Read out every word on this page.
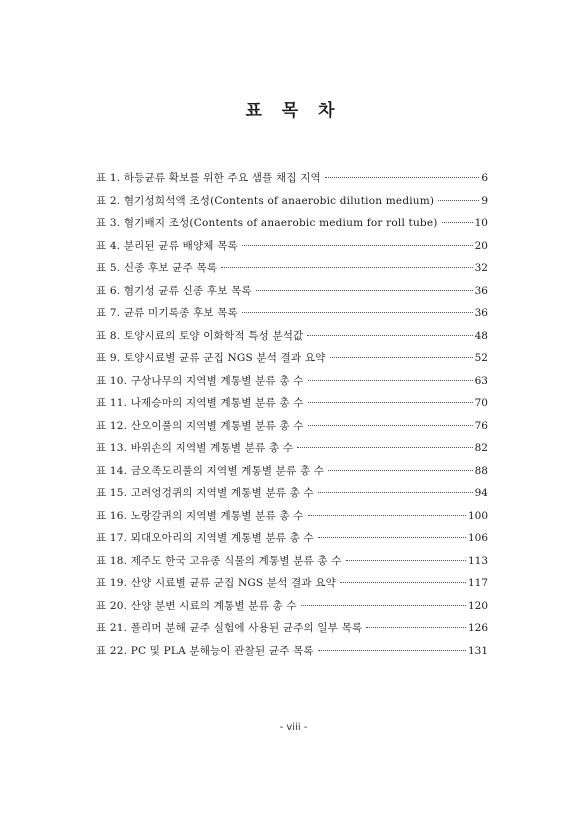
표 목 차
표 1. 하등균류 확보를 위한 주요 샘플 채집 지역	6
표 2. 혐기성희석액 조성(Contents of anaerobic dilution medium)	9
표 3. 혐기배지 조성(Contents of anaerobic medium for roll tube)	10
표 4. 분리된 균류 배양체 목록	20
표 5. 신종 후보 균주 목록	32
표 6. 혐기성 균류 신종 후보 목록	36
표 7. 균류 미기록종 후보 목록	36
표 8. 토양시료의 토양 이화학적 특성 분석값	48
표 9. 토양시료별 균류 군집 NGS 분석 결과 요약	52
표 10. 구상나무의 지역별 계통별 분류 총 수	63
표 11. 나제승마의 지역별 계통별 분류 총 수	70
표 12. 산오이풀의 지역별 계통별 분류 총 수	76
표 13. 바위손의 지역별 계통별 분류 총 수	82
표 14. 금오족도리풀의 지역별 계통별 분류 총 수	88
표 15. 고려엉겅퀴의 지역별 계통별 분류 총 수	94
표 16. 노랑갈퀴의 지역별 계통별 분류 총 수	100
표 17. 뫼대오아리의 지역별 계통별 분류 총 수	106
표 18. 제주도 한국 고유종 식물의 계통별 분류 총 수	113
표 19. 산양 시료별 균류 군집 NGS 분석 결과 요약	117
표 20. 산양 분변 시료의 계통별 분류 총 수	120
표 21. 폴리머 분해 균주 실험에 사용된 균주의 일부 목록	126
표 22. PC 및 PLA 분해능이 관찰된 균주 목록	131
- viii -
